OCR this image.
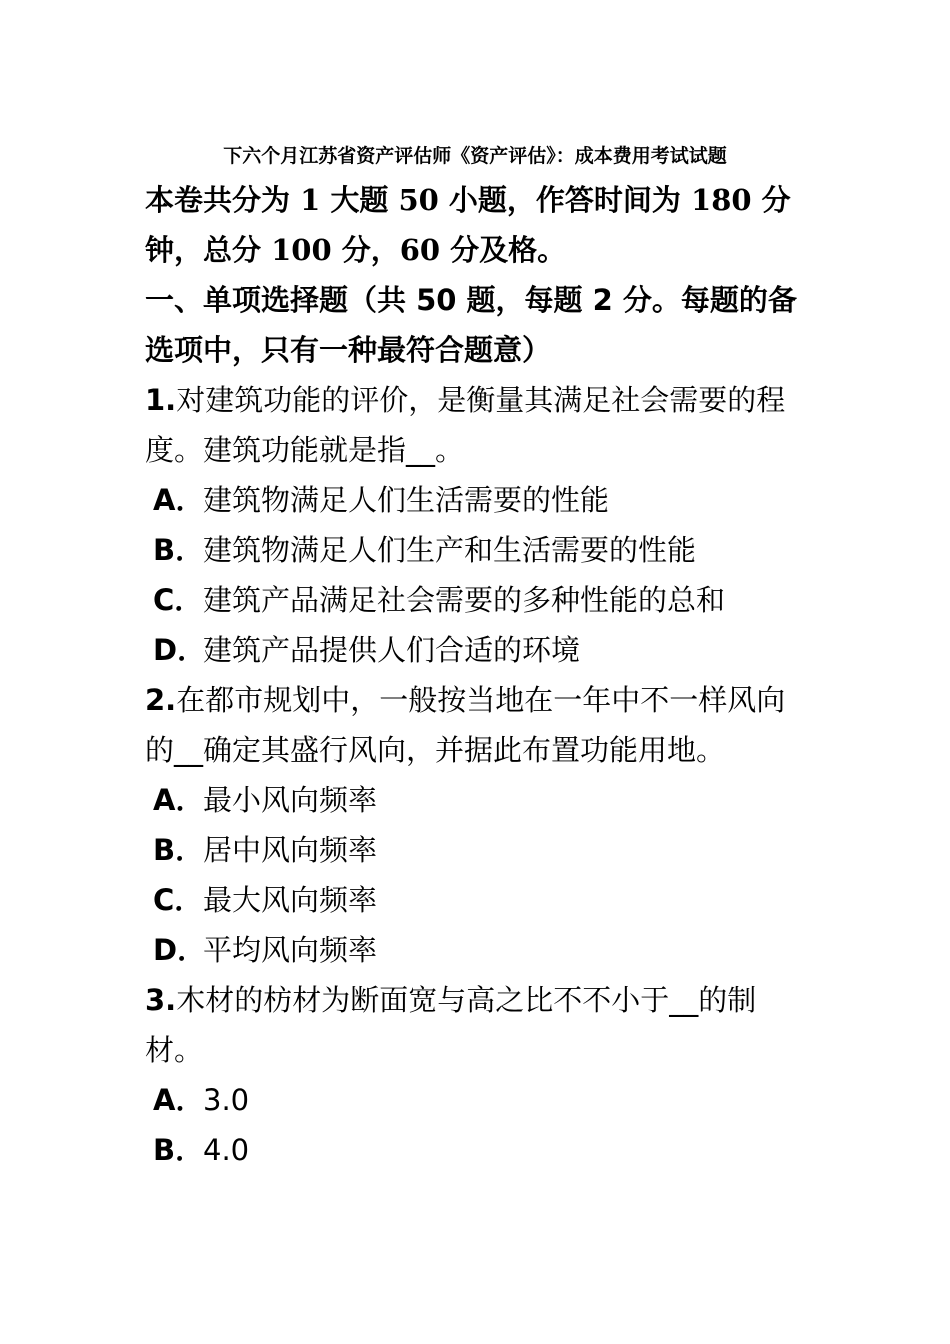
下六个月江苏省资产评估师《资产评估》：成本费用考试试题

本卷共分为 1 大题 50 小题，作答时间为 180 分钟，总分 100 分，60 分及格。

一、单项选择题（共 50 题，每题 2 分。每题的备选项中，只有一种最符合题意）

1.对建筑功能的评价，是衡量其满足社会需要的程度。建筑功能就是指__。

A．建筑物满足人们生活需要的性能
B．建筑物满足人们生产和生活需要的性能
C．建筑产品满足社会需要的多种性能的总和
D．建筑产品提供人们合适的环境

2.在都市规划中，一般按当地在一年中不一样风向的__确定其盛行风向，并据此布置功能用地。

A．最小风向频率
B．居中风向频率
C．最大风向频率
D．平均风向频率

3.木材的枋材为断面宽与高之比不不小于__的制材。

A．3.0
B．4.0
